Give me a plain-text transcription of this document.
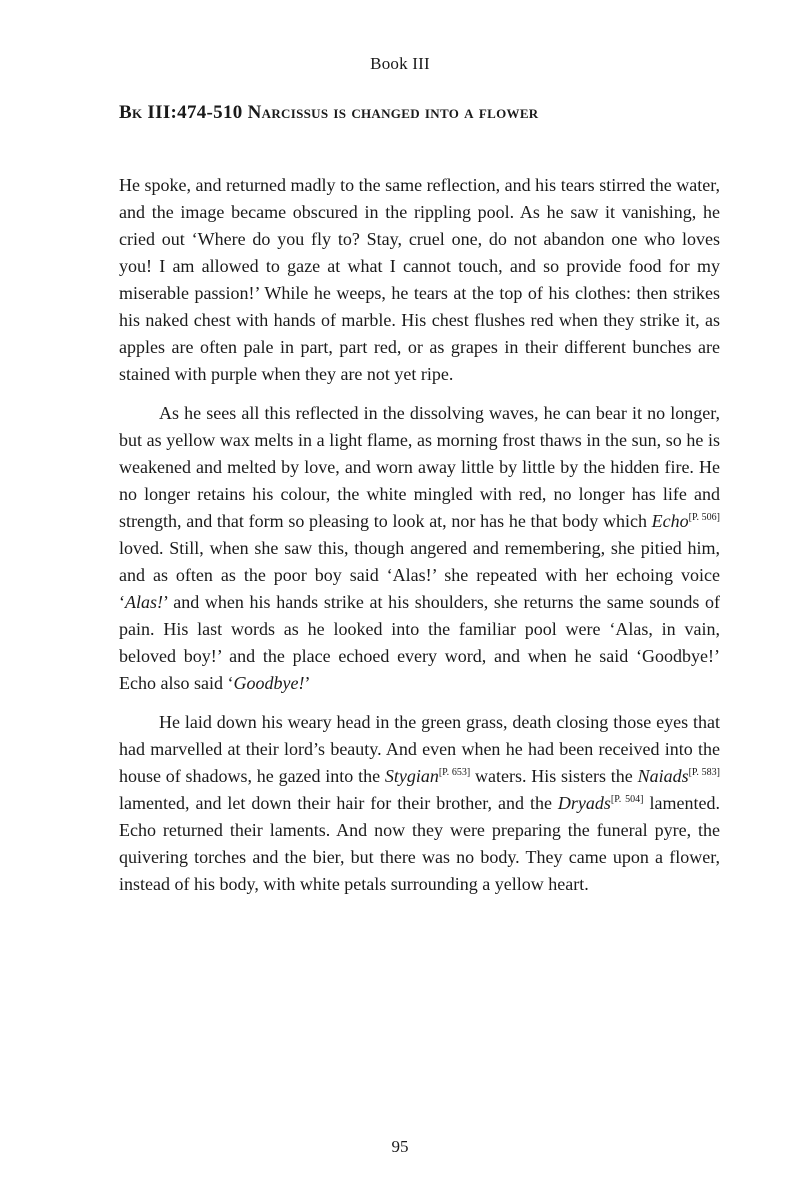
Book III
Bk III:474-510 Narcissus is changed into a flower

He spoke, and returned madly to the same reflection, and his tears stirred the water, and the image became obscured in the rippling pool. As he saw it vanishing, he cried out ‘Where do you fly to? Stay, cruel one, do not abandon one who loves you! I am allowed to gaze at what I cannot touch, and so provide food for my miserable passion!’ While he weeps, he tears at the top of his clothes: then strikes his naked chest with hands of marble. His chest flushes red when they strike it, as apples are often pale in part, part red, or as grapes in their different bunches are stained with purple when they are not yet ripe.

As he sees all this reflected in the dissolving waves, he can bear it no longer, but as yellow wax melts in a light flame, as morning frost thaws in the sun, so he is weakened and melted by love, and worn away little by little by the hidden fire. He no longer retains his colour, the white mingled with red, no longer has life and strength, and that form so pleasing to look at, nor has he that body which Echo[P. 506] loved. Still, when she saw this, though angered and remembering, she pitied him, and as often as the poor boy said ‘Alas!’ she repeated with her echoing voice ‘Alas!’ and when his hands strike at his shoulders, she returns the same sounds of pain. His last words as he looked into the familiar pool were ‘Alas, in vain, beloved boy!’ and the place echoed every word, and when he said ‘Goodbye!’ Echo also said ‘Goodbye!’

He laid down his weary head in the green grass, death closing those eyes that had marvelled at their lord’s beauty. And even when he had been received into the house of shadows, he gazed into the Stygian[P. 653] waters. His sisters the Naiads[P. 583] lamented, and let down their hair for their brother, and the Dryads[P. 504] lamented. Echo returned their laments. And now they were preparing the funeral pyre, the quivering torches and the bier, but there was no body. They came upon a flower, instead of his body, with white petals surrounding a yellow heart.

95
